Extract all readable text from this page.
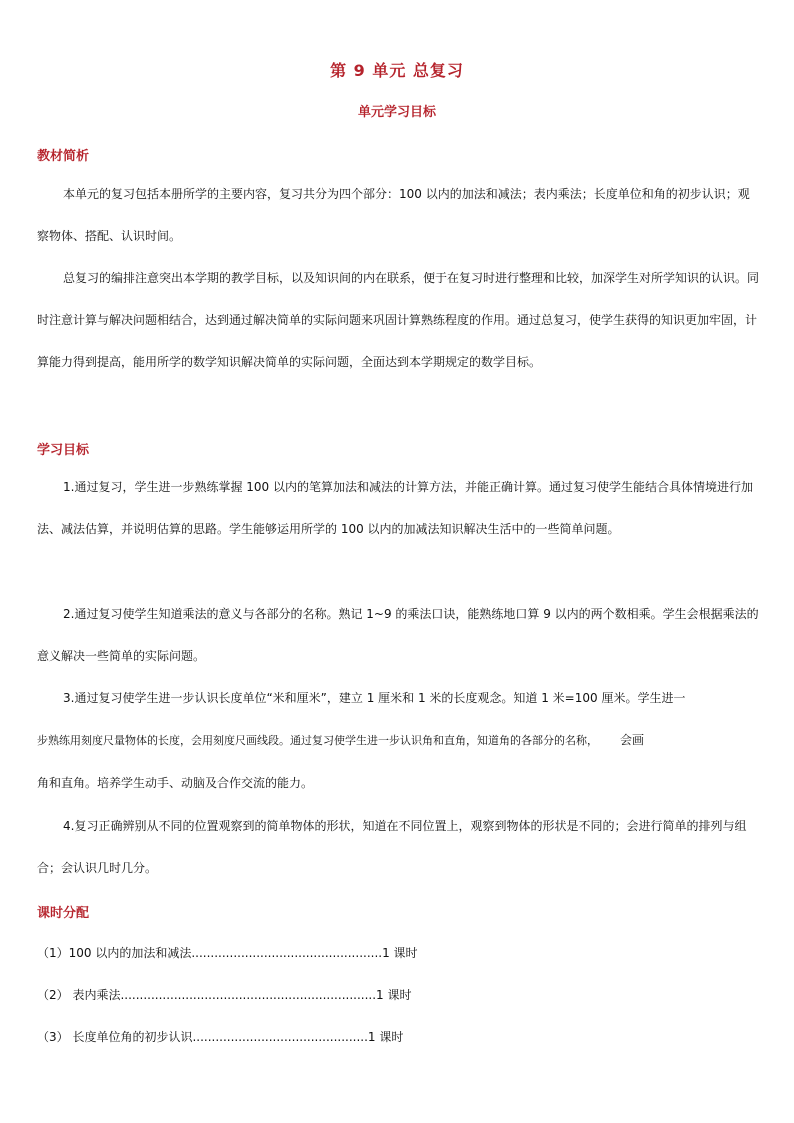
第 9 单元 总复习
单元学习目标
教材简析
本单元的复习包括本册所学的主要内容，复习共分为四个部分：100 以内的加法和减法；表内乘法；长度单位和角的初步认识；观察物体、搭配、认识时间。
总复习的编排注意突出本学期的教学目标，以及知识间的内在联系，便于在复习时进行整理和比较，加深学生对所学知识的认识。同时注意计算与解决问题相结合，达到通过解决简单的实际问题来巩固计算熟练程度的作用。通过总复习，使学生获得的知识更加牢固，计算能力得到提高，能用所学的数学知识解决简单的实际问题，全面达到本学期规定的数学目标。
学习目标
1.通过复习，学生进一步熟练掌握 100 以内的笔算加法和减法的计算方法，并能正确计算。通过复习使学生能结合具体情境进行加法、减法估算，并说明估算的思路。学生能够运用所学的 100 以内的加减法知识解决生活中的一些简单问题。
2.通过复习使学生知道乘法的意义与各部分的名称。熟记 1~9 的乘法口诀，能熟练地口算 9 以内的两个数相乘。学生会根据乘法的意义解决一些简单的实际问题。
3.通过复习使学生进一步认识长度单位“米和厘米”，建立 1 厘米和 1 米的长度观念。知道 1 米=100 厘米。学生进一
步熟练用刻度尺量物体的长度，会用刻度尺画线段。通过复习使学生进一步认识角和直角，知道角的各部分的名称， 会画
角和直角。培养学生动手、动脑及合作交流的能力。
4.复习正确辨别从不同的位置观察到的简单物体的形状，知道在不同位置上，观察到物体的形状是不同的；会进行简单的排列与组合；会认识几时几分。
课时分配
（1）100 以内的加法和减法..................................................1 课时
（2） 表内乘法...................................................................1 课时
（3） 长度单位角的初步认识..............................................1 课时
